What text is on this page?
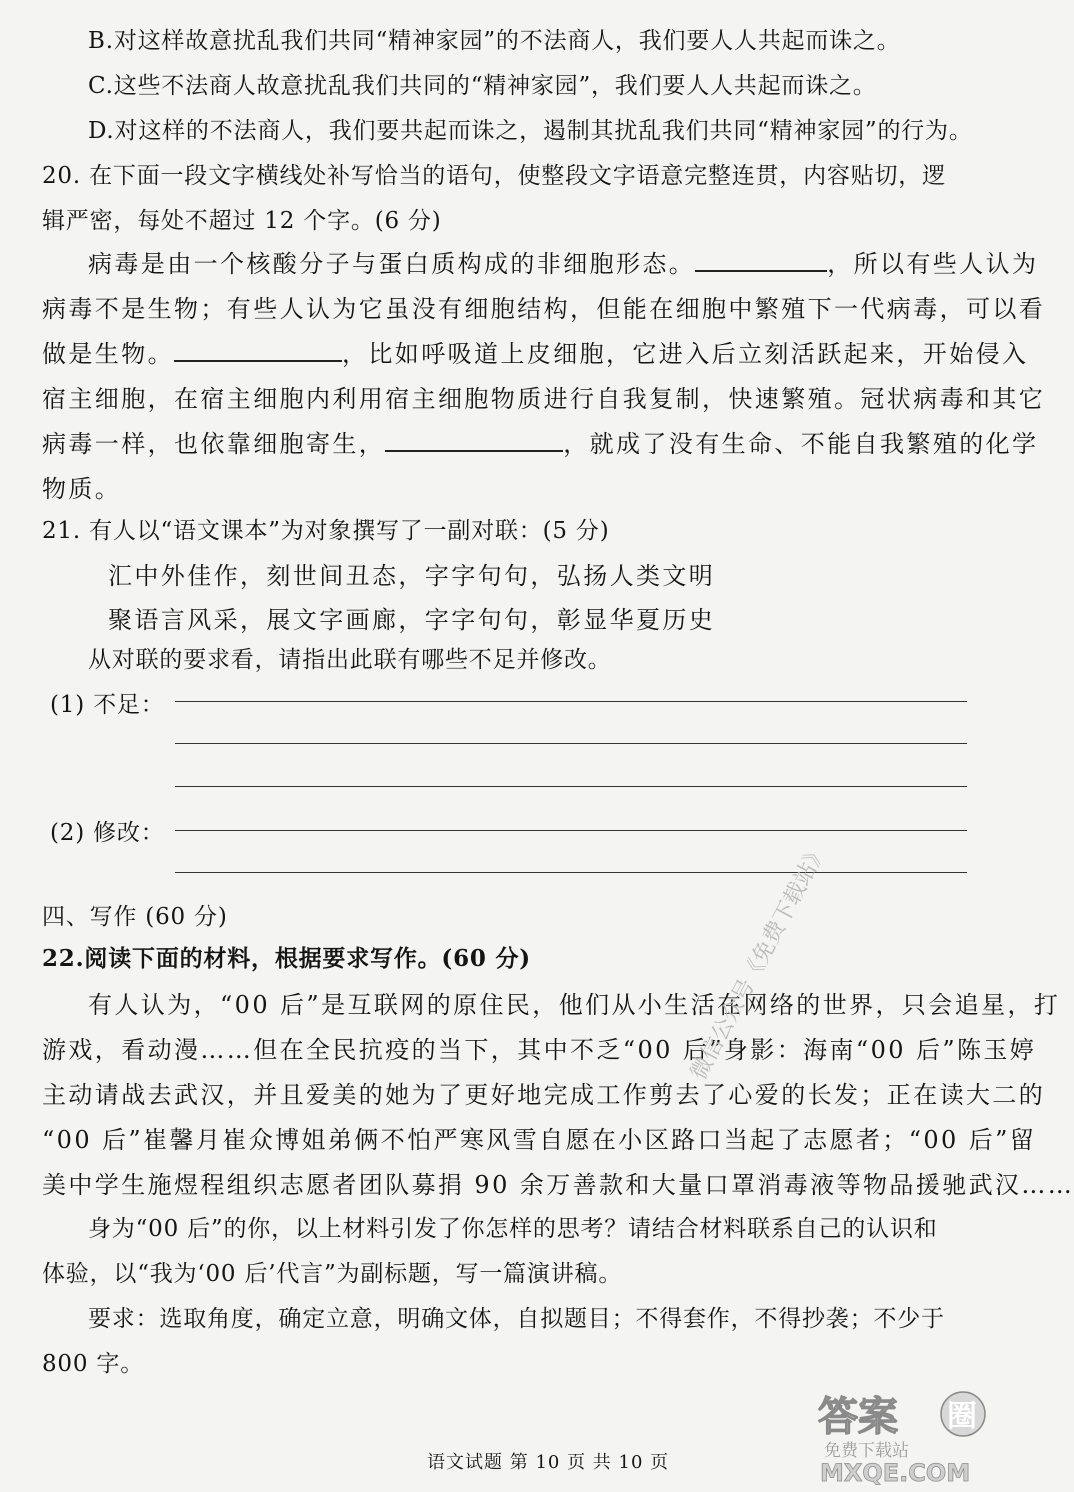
B.对这样故意扰乱我们共同“精神家园”的不法商人，我们要人人共起而诛之。
C.这些不法商人故意扰乱我们共同的“精神家园”，我们要人人共起而诛之。
D.对这样的不法商人，我们要共起而诛之，遏制其扰乱我们共同“精神家园”的行为。
20. 在下面一段文字横线处补写恰当的语句，使整段文字语意完整连贯，内容贴切，逻
辑严密，每处不超过 12 个字。(6 分)
病毒是由一个核酸分子与蛋白质构成的非细胞形态。	，所以有些人认为
病毒不是生物；有些人认为它虽没有细胞结构，但能在细胞中繁殖下一代病毒，可以看
做是生物。	，比如呼吸道上皮细胞，它进入后立刻活跃起来，开始侵入
宿主细胞，在宿主细胞内利用宿主细胞物质进行自我复制，快速繁殖。冠状病毒和其它
病毒一样，也依靠细胞寄生，	，就成了没有生命、不能自我繁殖的化学
物质。
21. 有人以“语文课本”为对象撰写了一副对联：(5 分)
汇中外佳作，刻世间丑态，字字句句，弘扬人类文明
聚语言风采，展文字画廊，字字句句，彰显华夏历史
从对联的要求看，请指出此联有哪些不足并修改。
(1) 不足：
(2) 修改：
四、写作 (60 分)
22.阅读下面的材料，根据要求写作。(60 分)
有人认为，“00 后”是互联网的原住民，他们从小生活在网络的世界，只会追星，打
游戏，看动漫……但在全民抗疫的当下，其中不乏“00 后”身影：海南“00 后”陈玉婷
主动请战去武汉，并且爱美的她为了更好地完成工作剪去了心爱的长发；正在读大二的
“00 后”崔馨月崔众博姐弟俩不怕严寒风雪自愿在小区路口当起了志愿者；“00 后”留
美中学生施煜程组织志愿者团队募捐 90 余万善款和大量口罩消毒液等物品援驰武汉……
身为“00 后”的你，以上材料引发了你怎样的思考？请结合材料联系自己的认识和
体验，以“我为‘00 后’代言”为副标题，写一篇演讲稿。
要求：选取角度，确定立意，明确文体，自拟题目；不得套作，不得抄袭；不少于
800 字。
微信公众号《免费下载站》
语文试题 第 10 页 共 10 页
答案 圈
免费下载站
MXQE.COM
